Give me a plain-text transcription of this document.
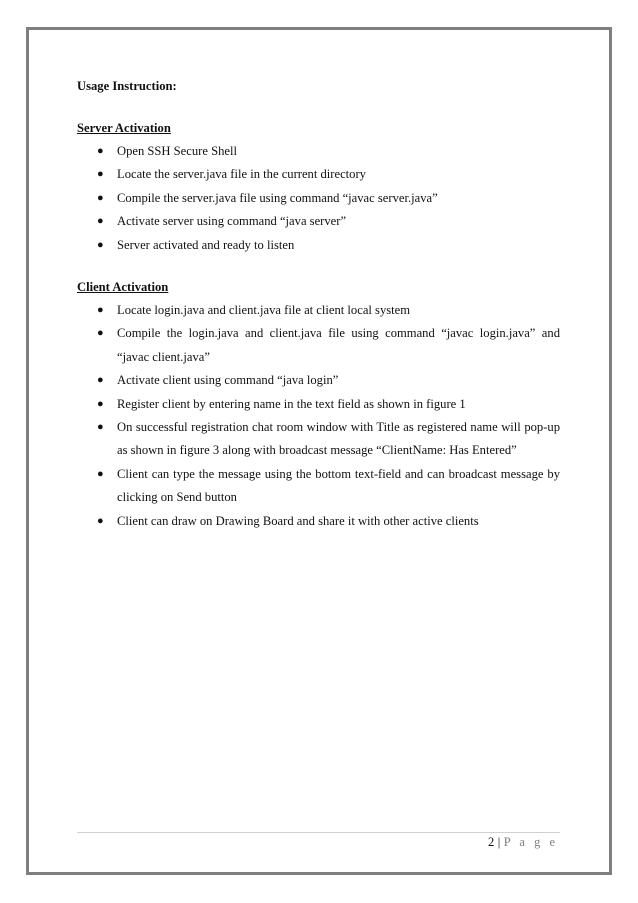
Usage Instruction:
Server Activation
● Open SSH Secure Shell
● Locate the server.java file in the current directory
● Compile the server.java file using command “javac server.java”
● Activate server using command “java server”
● Server activated and ready to listen
Client Activation
● Locate login.java and client.java file at client local system
● Compile the login.java and client.java file using command “javac login.java” and “javac client.java”
● Activate client using command “java login”
● Register client by entering name in the text field as shown in figure 1
● On successful registration chat room window with Title as registered name will pop-up as shown in figure 3 along with broadcast message “ClientName: Has Entered”
● Client can type the message using the bottom text-field and can broadcast message by clicking on Send button
● Client can draw on Drawing Board and share it with other active clients
2 | P a g e
